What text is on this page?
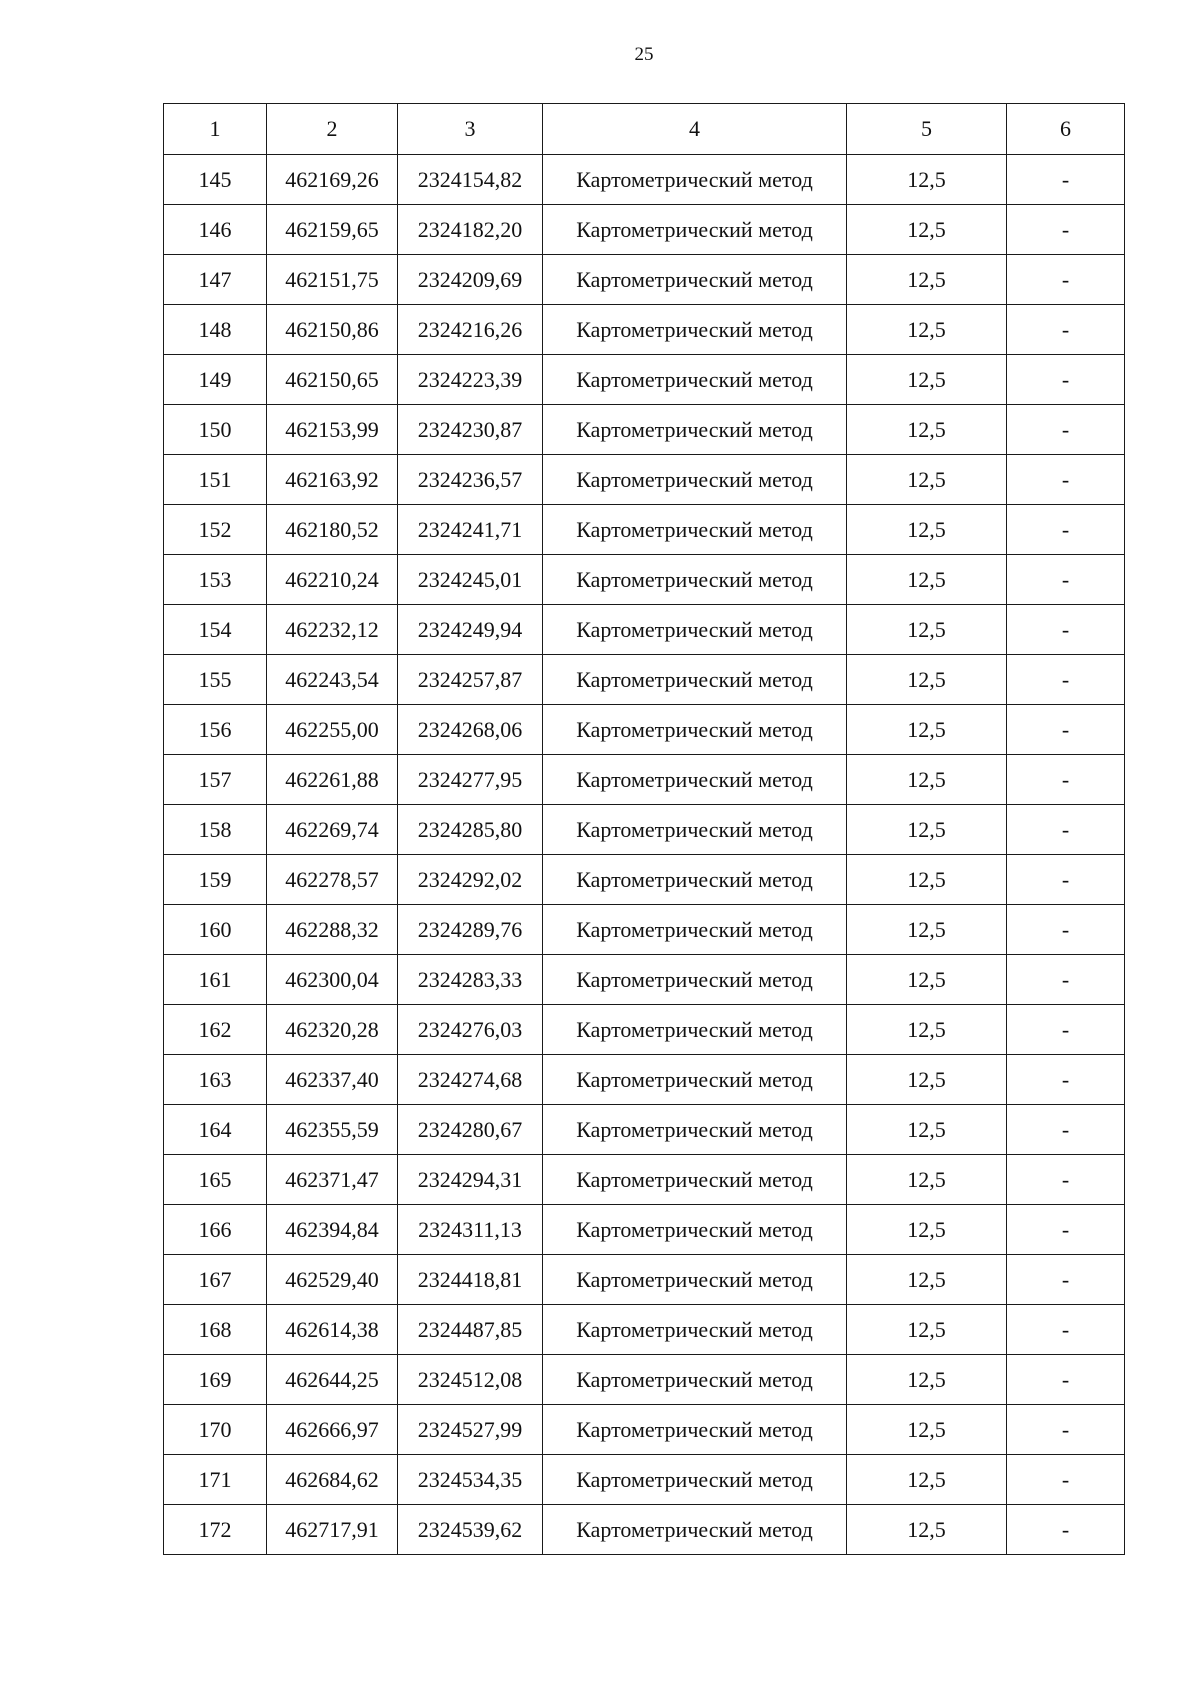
25
1	2	3	4	5	6
145	462169,26	2324154,82	Картометрический метод	12,5	-
146	462159,65	2324182,20	Картометрический метод	12,5	-
147	462151,75	2324209,69	Картометрический метод	12,5	-
148	462150,86	2324216,26	Картометрический метод	12,5	-
149	462150,65	2324223,39	Картометрический метод	12,5	-
150	462153,99	2324230,87	Картометрический метод	12,5	-
151	462163,92	2324236,57	Картометрический метод	12,5	-
152	462180,52	2324241,71	Картометрический метод	12,5	-
153	462210,24	2324245,01	Картометрический метод	12,5	-
154	462232,12	2324249,94	Картометрический метод	12,5	-
155	462243,54	2324257,87	Картометрический метод	12,5	-
156	462255,00	2324268,06	Картометрический метод	12,5	-
157	462261,88	2324277,95	Картометрический метод	12,5	-
158	462269,74	2324285,80	Картометрический метод	12,5	-
159	462278,57	2324292,02	Картометрический метод	12,5	-
160	462288,32	2324289,76	Картометрический метод	12,5	-
161	462300,04	2324283,33	Картометрический метод	12,5	-
162	462320,28	2324276,03	Картометрический метод	12,5	-
163	462337,40	2324274,68	Картометрический метод	12,5	-
164	462355,59	2324280,67	Картометрический метод	12,5	-
165	462371,47	2324294,31	Картометрический метод	12,5	-
166	462394,84	2324311,13	Картометрический метод	12,5	-
167	462529,40	2324418,81	Картометрический метод	12,5	-
168	462614,38	2324487,85	Картометрический метод	12,5	-
169	462644,25	2324512,08	Картометрический метод	12,5	-
170	462666,97	2324527,99	Картометрический метод	12,5	-
171	462684,62	2324534,35	Картометрический метод	12,5	-
172	462717,91	2324539,62	Картометрический метод	12,5	-
